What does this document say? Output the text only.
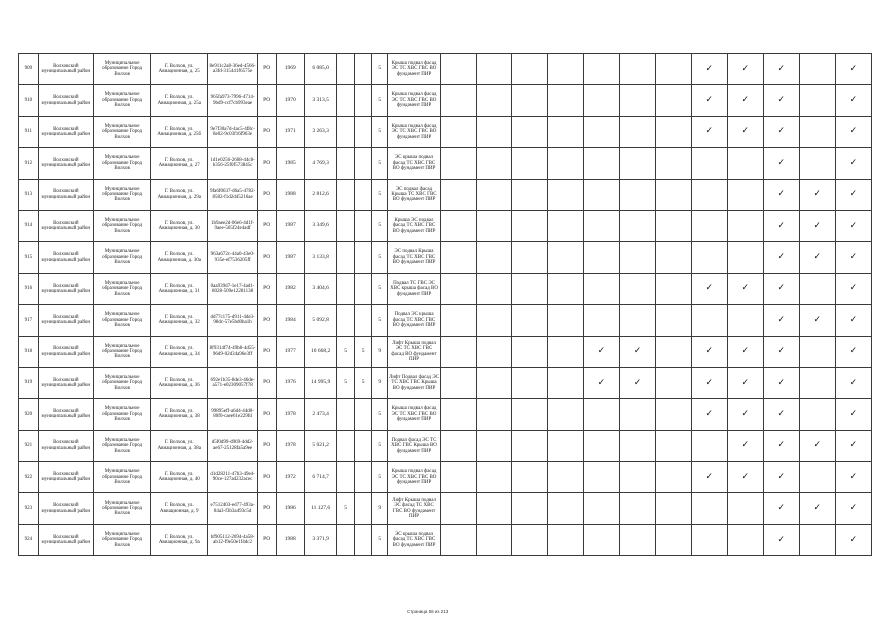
909	Волховский муниципальный район	Муниципальное образование Город Волхов	Г. Волхов, ул. Авиационная, д. 25	8e911c2a8-36ed-4566-a3fd-315441f6575e	РО	1969	6 085,0			5	Крыша подвал фасад ЭС ТС ХВС ГВС ВО фундамент ПИР								✓	✓	✓		✓
910	Волховский муниципальный район	Муниципальное образование Город Волхов	Г. Волхов, ул. Авиационная, д. 25а	965fa973-7996-4714-9bd9-ccf7cb993eae	РО	1970	3 313,5			5	Крыша подвал фасад ЭС ТС ХВС ГВС ВО фундамент ПИР								✓	✓	✓		✓
911	Волховский муниципальный район	Муниципальное образование Город Волхов	Г. Волхов, ул. Авиационная, д. 25б	9e7f30a7d-4ac5-4f8c-8e02-9c03f16f963e	РО	1971	3 263,3			5	Крыша подвал фасад ЭС ТС ХВС ГВС ВО фундамент ПИР								✓	✓	✓		✓
912	Волховский муниципальный район	Муниципальное образование Город Волхов	Г. Волхов, ул. Авиационная, д. 27	1d1e0256-2608-44c8-b356-25f0f573845c	РО	1985	4 769,3			5	ЭС крыша подвал фасад ТС ХВС ГВС ВО фундамент ПИР										✓		✓
913	Волховский муниципальный район	Муниципальное образование Город Волхов	Г. Волхов, ул. Авиационная, д. 29а	9fa6f0637-d6a5-4782-8582-f1d2d45216ae	РО	1988	2 812,6			5	ЭС подвал фасад Крыша ТС ХВС ГВС ВО фундамент ПИР										✓	✓	✓
914	Волховский муниципальный район	Муниципальное образование Город Волхов	Г. Волхов, ул. Авиационная, д. 30	1b9aee2d-06e6-4d1f-9aeе-565f24e4adf	РО	1987	3 349,6			5	Крыша ЭС подвал фасад ТС ХВС ГВС ВО фундамент ПИР										✓	✓	✓
915	Волховский муниципальный район	Муниципальное образование Город Волхов	Г. Волхов, ул. Авиационная, д. 30а	963a672c-44a0-43e0-935e-ef7536205ff	РО	1987	3 133,8			5	ЭС подвал Крыша фасад ТС ХВС ГВС ВО фундамент ПИР										✓	✓	✓
916	Волховский муниципальный район	Муниципальное образование Город Волхов	Г. Волхов, ул. Авиационная, д. 31	0aa939d7-1e17-4ad1-8028-509e12281138	РО	1982	3 404,6			5	Подвал ТС ГВС ЭС ХВС крыша фасад ВО фундамент ПИР								✓	✓	✓		✓
917	Волховский муниципальный район	Муниципальное образование Город Волхов	Г. Волхов, ул. Авиационная, д. 32	dd77c175-d911-4de3-98dc-57e5bd0ba1b	РО	1984	5 092,8			5	Подвал ЭС крыша фасад ТС ХВС ГВС ВО фундамент ПИР										✓	✓	✓
918	Волховский муниципальный район	Муниципальное образование Город Волхов	Г. Волхов, ул. Авиационная, д. 34	8f9314f74-49b8-4d55-96d9-02d34a96e3ff	РО	1977	10 668,2	5	5	9	Лифт Крыша подвал ЭС ТС ХВС ГВС фасад ВО фундамент ПИР					✓	✓		✓	✓	✓		✓
919	Волховский муниципальный район	Муниципальное образование Город Волхов	Г. Волхов, ул. Авиационная, д. 36	692e1b35-8de3-46de-a571-e02309057f78	РО	1976	14 995,9	5	5	9	Лифт Подвал фасад ЭС ТС ХВС ГВС Крыша ВО фундамент ПИР					✓	✓		✓	✓	✓		✓
920	Волховский муниципальный район	Муниципальное образование Город Волхов	Г. Волхов, ул. Авиационная, д. 38	99895eff-a6d4-44d0-80f0-caee61e229fd	РО	1978	2 473,4			5	Крыша подвал фасад ЭС ТС ХВС ГВС ВО фундамент ПИР								✓	✓	✓		✓
921	Волховский муниципальный район	Муниципальное образование Город Волхов	Г. Волхов, ул. Авиационная, д. 38а	d5f0d99-d969-4dd2-ae67-25128fa5a9ee	РО	1978	5 021,2			5	Подвал фасад ЭС ТС ХВС ГВС Крыша ВО фундамент ПИР									✓	✓	✓	✓
922	Волховский муниципальный район	Муниципальное образование Город Волхов	Г. Волхов, ул. Авиационная, д. 40	d1d28211-47b3-49e4-90ce-127ad232acec	РО	1972	6 714,7			5	Крыша подвал фасад ЭС ТС ХВС ГВС ВО фундамент ПИР								✓	✓	✓		✓
923	Волховский муниципальный район	Муниципальное образование Город Волхов	Г. Волхов, ул. Авиационная, д. 9	e7512403-ed77-493a-84a3-f3b3a493c5d	РО	1986	11 127,6	5		9	Лифт Крыша подвал ЭС фасад ТС ХВС ГВС ВО фундамент ПИР										✓	✓	✓
924	Волховский муниципальный район	Муниципальное образование Город Волхов	Г. Волхов, ул. Авиационная, д. 9а	bf905112-2694-4a58-ab12-f9e50e1f4dc2	РО	1988	3 371,9			5	ЭС крыша подвал фасад ТС ХВС ГВС ВО фундамент ПИР										✓		✓
Страница 58 из 213
